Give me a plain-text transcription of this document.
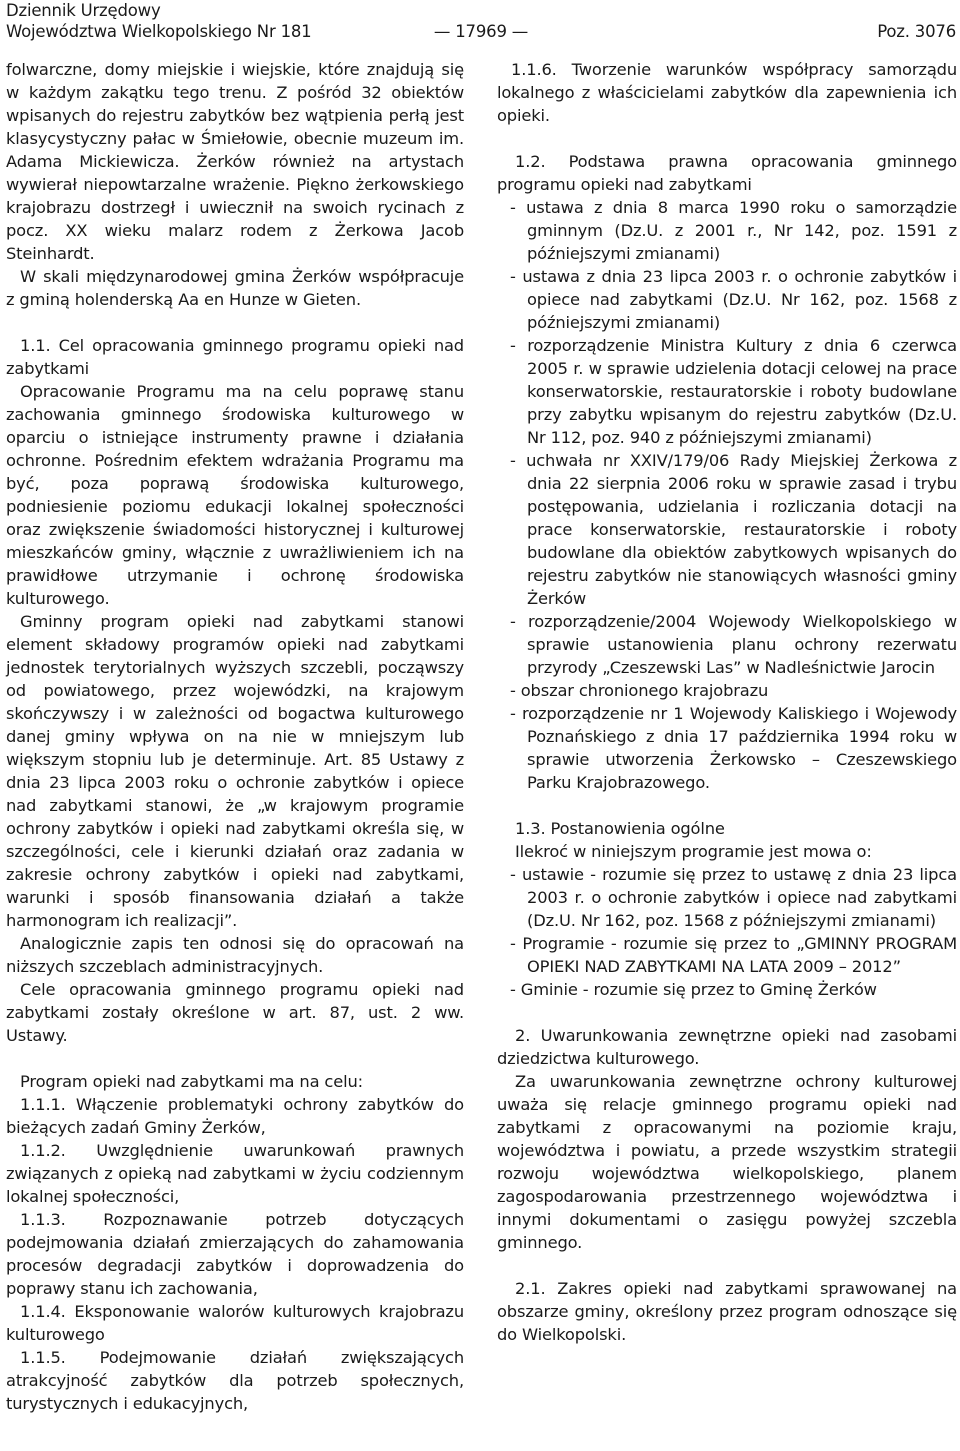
Dziennik Urzędowy
Województwa Wielkopolskiego Nr 181	— 17969 —	Poz. 3076

folwarczne, domy miejskie i wiejskie, które znajdują się w każdym zakątku tego trenu. Z pośród 32 obiektów wpisanych do rejestru zabytków bez wątpienia perłą jest klasycystyczny pałac w Śmiełowie, obecnie muzeum im. Adama Mickiewicza. Żerków również na artystach wywierał niepowtarzalne wrażenie. Piękno żerkowskiego krajobrazu dostrzegł i uwiecznił na swoich rycinach z pocz. XX wieku malarz rodem z Żerkowa Jacob Steinhardt.

W skali międzynarodowej gmina Żerków współpracuje z gminą holenderską Aa en Hunze w Gieten.

1.1. Cel opracowania gminnego programu opieki nad zabytkami

Opracowanie Programu ma na celu poprawę stanu zachowania gminnego środowiska kulturowego w oparciu o istniejące instrumenty prawne i działania ochronne. Pośrednim efektem wdrażania Programu ma być, poza poprawą środowiska kulturowego, podniesienie poziomu edukacji lokalnej społeczności oraz zwiększenie świadomości historycznej i kulturowej mieszkańców gminy, włącznie z uwrażliwieniem ich na prawidłowe utrzymanie i ochronę środowiska kulturowego.

Gminny program opieki nad zabytkami stanowi element składowy programów opieki nad zabytkami jednostek terytorialnych wyższych szczebli, począwszy od powiatowego, przez wojewódzki, na krajowym skończywszy i w zależności od bogactwa kulturowego danej gminy wpływa on na nie w mniejszym lub większym stopniu lub je determinuje. Art. 85 Ustawy z dnia 23 lipca 2003 roku o ochronie zabytków i opiece nad zabytkami stanowi, że „w krajowym programie ochrony zabytków i opieki nad zabytkami określa się, w szczególności, cele i kierunki działań oraz zadania w zakresie ochrony zabytków i opieki nad zabytkami, warunki i sposób finansowania działań a także harmonogram ich realizacji”.

Analogicznie zapis ten odnosi się do opracowań na niższych szczeblach administracyjnych.

Cele opracowania gminnego programu opieki nad zabytkami zostały określone w art. 87, ust. 2 ww. Ustawy.

Program opieki nad zabytkami ma na celu:

1.1.1. Włączenie problematyki ochrony zabytków do bieżących zadań Gminy Żerków,

1.1.2. Uwzględnienie uwarunkowań prawnych związanych z opieką nad zabytkami w życiu codziennym lokalnej społeczności,

1.1.3. Rozpoznawanie potrzeb dotyczących podejmowania działań zmierzających do zahamowania procesów degradacji zabytków i doprowadzenia do poprawy stanu ich zachowania,

1.1.4. Eksponowanie walorów kulturowych krajobrazu kulturowego

1.1.5. Podejmowanie działań zwiększających atrakcyjność zabytków dla potrzeb społecznych, turystycznych i edukacyjnych,

1.1.6. Tworzenie warunków współpracy samorządu lokalnego z właścicielami zabytków dla zapewnienia ich opieki.

1.2. Podstawa prawna opracowania gminnego programu opieki nad zabytkami

- ustawa z dnia 8 marca 1990 roku o samorządzie gminnym (Dz.U. z 2001 r., Nr 142, poz. 1591 z późniejszymi zmianami)

- ustawa z dnia 23 lipca 2003 r. o ochronie zabytków i opiece nad zabytkami (Dz.U. Nr 162, poz. 1568 z późniejszymi zmianami)

- rozporządzenie Ministra Kultury z dnia 6 czerwca 2005 r. w sprawie udzielenia dotacji celowej na prace konserwatorskie, restauratorskie i roboty budowlane przy zabytku wpisanym do rejestru zabytków (Dz.U. Nr 112, poz. 940 z późniejszymi zmianami)

- uchwała nr XXIV/179/06 Rady Miejskiej Żerkowa z dnia 22 sierpnia 2006 roku w sprawie zasad i trybu postępowania, udzielania i rozliczania dotacji na prace konserwatorskie, restauratorskie i roboty budowlane dla obiektów zabytkowych wpisanych do rejestru zabytków nie stanowiących własności gminy Żerków

- rozporządzenie/2004 Wojewody Wielkopolskiego w sprawie ustanowienia planu ochrony rezerwatu przyrody „Czeszewski Las” w Nadleśnictwie Jarocin

- obszar chronionego krajobrazu

- rozporządzenie nr 1 Wojewody Kaliskiego i Wojewody Poznańskiego z dnia 17 października 1994 roku w sprawie utworzenia Żerkowsko – Czeszewskiego Parku Krajobrazowego.

1.3. Postanowienia ogólne

Ilekroć w niniejszym programie jest mowa o:

- ustawie - rozumie się przez to ustawę z dnia 23 lipca 2003 r. o ochronie zabytków i opiece nad zabytkami (Dz.U. Nr 162, poz. 1568 z późniejszymi zmianami)

- Programie - rozumie się przez to „GMINNY PROGRAM OPIEKI NAD ZABYTKAMI NA LATA 2009 – 2012”

- Gminie - rozumie się przez to Gminę Żerków

2. Uwarunkowania zewnętrzne opieki nad zasobami dziedzictwa kulturowego.

Za uwarunkowania zewnętrzne ochrony kulturowej uważa się relacje gminnego programu opieki nad zabytkami z opracowanymi na poziomie kraju, województwa i powiatu, a przede wszystkim strategii rozwoju województwa wielkopolskiego, planem zagospodarowania przestrzennego województwa i innymi dokumentami o zasięgu powyżej szczebla gminnego.

2.1. Zakres opieki nad zabytkami sprawowanej na obszarze gminy, określony przez program odnoszące się do Wielkopolski.
